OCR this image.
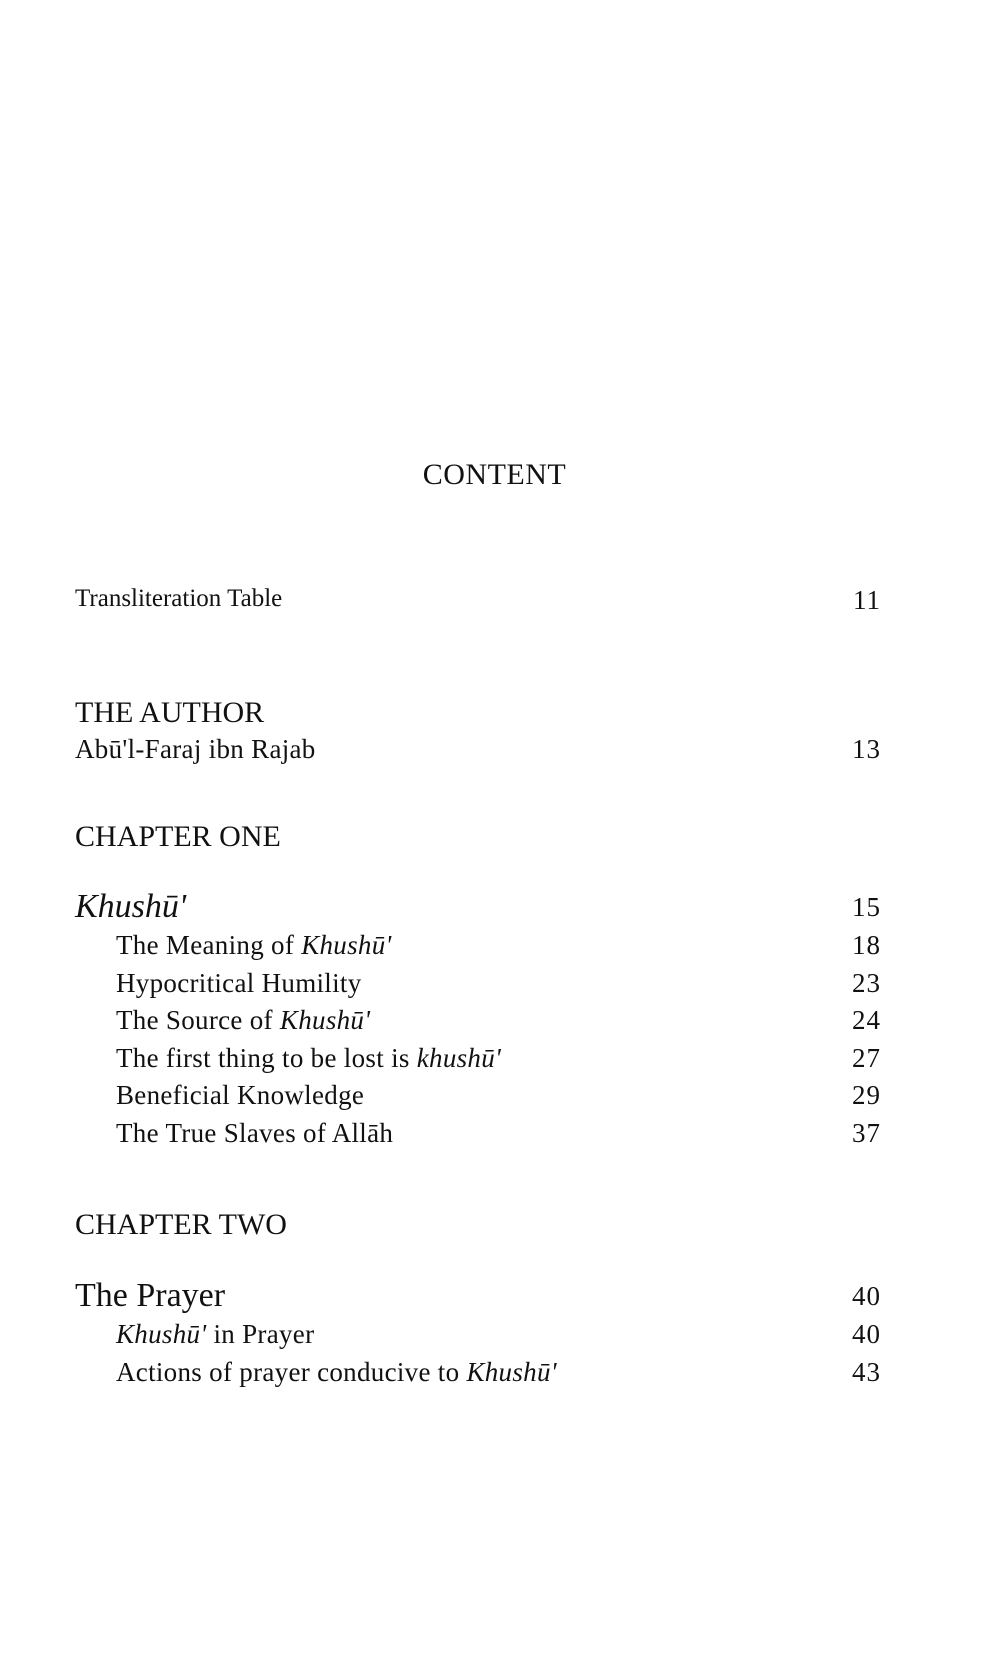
CONTENT
Transliteration Table	11
THE AUTHOR
Abū'l-Faraj ibn Rajab	13
CHAPTER ONE
Khushū'	15
The Meaning of Khushū'	18
Hypocritical Humility	23
The Source of Khushū'	24
The first thing to be lost is khushū'	27
Beneficial Knowledge	29
The True Slaves of Allāh	37
CHAPTER TWO
The Prayer	40
Khushū' in Prayer	40
Actions of prayer conducive to Khushū'	43
